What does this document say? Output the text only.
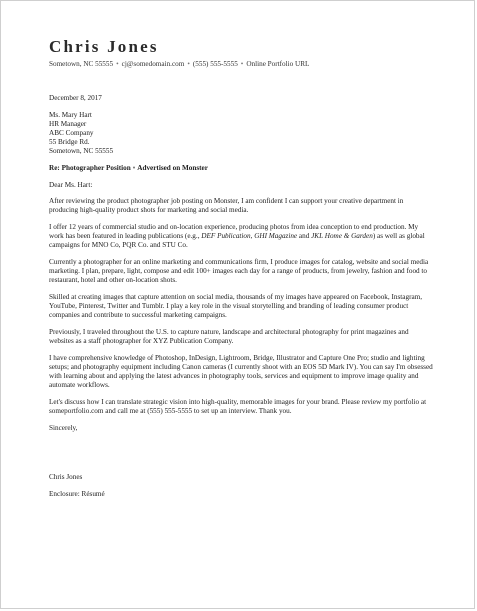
Chris Jones
Sometown, NC 55555 • cj@somedomain.com • (555) 555-5555 • Online Portfolio URL

December 8, 2017

Ms. Mary Hart

HR Manager

ABC Company

55 Bridge Rd.

Sometown, NC 55555

Re: Photographer Position • Advertised on Monster

Dear Ms. Hart:

After reviewing the product photographer job posting on Monster, I am confident I can support your creative department in producing high-quality product shots for marketing and social media.

I offer 12 years of commercial studio and on-location experience, producing photos from idea conception to end production. My work has been featured in leading publications (e.g., DEF Publication, GHI Magazine and JKL Home & Garden) as well as global campaigns for MNO Co, PQR Co. and STU Co.

Currently a photographer for an online marketing and communications firm, I produce images for catalog, website and social media marketing. I plan, prepare, light, compose and edit 100+ images each day for a range of products, from jewelry, fashion and food to restaurant, hotel and other on-location shots.

Skilled at creating images that capture attention on social media, thousands of my images have appeared on Facebook, Instagram, YouTube, Pinterest, Twitter and Tumblr. I play a key role in the visual storytelling and branding of leading consumer product companies and contribute to successful marketing campaigns.

Previously, I traveled throughout the U.S. to capture nature, landscape and architectural photography for print magazines and websites as a staff photographer for XYZ Publication Company.

I have comprehensive knowledge of Photoshop, InDesign, Lightroom, Bridge, Illustrator and Capture One Pro; studio and lighting setups; and photography equipment including Canon cameras (I currently shoot with an EOS 5D Mark IV). You can say I'm obsessed with learning about and applying the latest advances in photography tools, services and equipment to improve image quality and automate workflows.

Let's discuss how I can translate strategic vision into high-quality, memorable images for your brand. Please review my portfolio at someportfolio.com and call me at (555) 555-5555 to set up an interview. Thank you.

Sincerely,

Chris Jones

Enclosure: Résumé
